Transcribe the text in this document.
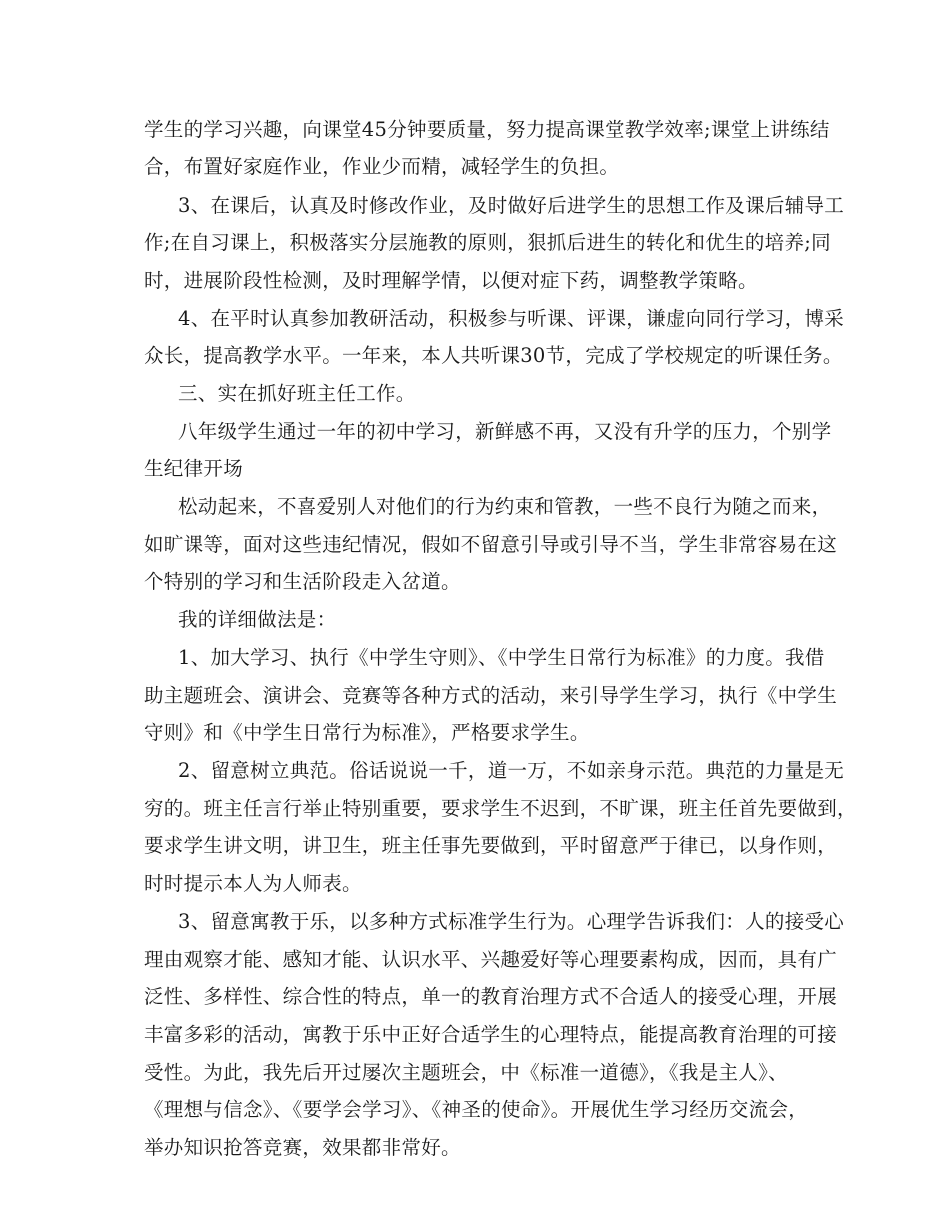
学生的学习兴趣，向课堂45分钟要质量，努力提高课堂教学效率;课堂上讲练结
合，布置好家庭作业，作业少而精，减轻学生的负担。
3、在课后，认真及时修改作业，及时做好后进学生的思想工作及课后辅导工
作;在自习课上，积极落实分层施教的原则，狠抓后进生的转化和优生的培养;同
时，进展阶段性检测，及时理解学情，以便对症下药，调整教学策略。
4、在平时认真参加教研活动，积极参与听课、评课，谦虚向同行学习，博采
众长，提高教学水平。一年来，本人共听课30节，完成了学校规定的听课任务。
三、实在抓好班主任工作。
八年级学生通过一年的初中学习，新鲜感不再，又没有升学的压力，个别学
生纪律开场
松动起来，不喜爱别人对他们的行为约束和管教，一些不良行为随之而来，
如旷课等，面对这些违纪情况，假如不留意引导或引导不当，学生非常容易在这
个特别的学习和生活阶段走入岔道。
我的详细做法是：
1、加大学习、执行《中学生守则》、《中学生日常行为标准》的力度。我借
助主题班会、演讲会、竞赛等各种方式的活动，来引导学生学习，执行《中学生
守则》和《中学生日常行为标准》，严格要求学生。
2、留意树立典范。俗话说说一千，道一万，不如亲身示范。典范的力量是无
穷的。班主任言行举止特别重要，要求学生不迟到，不旷课，班主任首先要做到，
要求学生讲文明，讲卫生，班主任事先要做到，平时留意严于律已，以身作则，
时时提示本人为人师表。
3、留意寓教于乐，以多种方式标准学生行为。心理学告诉我们：人的接受心
理由观察才能、感知才能、认识水平、兴趣爱好等心理要素构成，因而，具有广
泛性、多样性、综合性的特点，单一的教育治理方式不合适人的接受心理，开展
丰富多彩的活动，寓教于乐中正好合适学生的心理特点，能提高教育治理的可接
受性。为此，我先后开过屡次主题班会，中《标准一道德》，《我是主人》、
《理想与信念》、《要学会学习》、《神圣的使命》。开展优生学习经历交流会，
举办知识抢答竞赛，效果都非常好。
